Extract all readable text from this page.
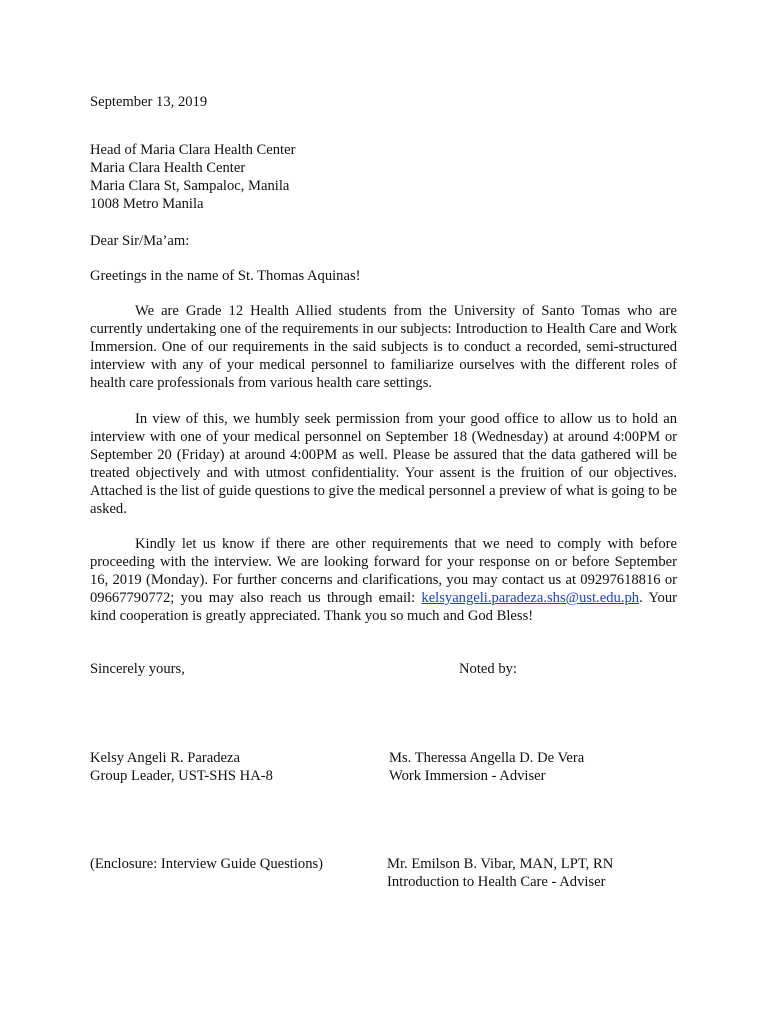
September 13, 2019
Head of Maria Clara Health Center
Maria Clara Health Center
Maria Clara St, Sampaloc, Manila
1008 Metro Manila
Dear Sir/Ma’am:
Greetings in the name of St. Thomas Aquinas!
We are Grade 12 Health Allied students from the University of Santo Tomas who are currently undertaking one of the requirements in our subjects: Introduction to Health Care and Work Immersion. One of our requirements in the said subjects is to conduct a recorded, semi-structured interview with any of your medical personnel to familiarize ourselves with the different roles of health care professionals from various health care settings.
In view of this, we humbly seek permission from your good office to allow us to hold an interview with one of your medical personnel on September 18 (Wednesday) at around 4:00PM or September 20 (Friday) at around 4:00PM as well. Please be assured that the data gathered will be treated objectively and with utmost confidentiality. Your assent is the fruition of our objectives. Attached is the list of guide questions to give the medical personnel a preview of what is going to be asked.
Kindly let us know if there are other requirements that we need to comply with before proceeding with the interview. We are looking forward for your response on or before September 16, 2019 (Monday). For further concerns and clarifications, you may contact us at 09297618816 or 09667790772; you may also reach us through email: kelsyangeli.paradeza.shs@ust.edu.ph. Your kind cooperation is greatly appreciated. Thank you so much and God Bless!
Sincerely yours,	Noted by:
Kelsy Angeli R. Paradeza
Group Leader, UST-SHS HA-8
Ms. Theressa Angella D. De Vera
Work Immersion - Adviser
(Enclosure: Interview Guide Questions)	Mr. Emilson B. Vibar, MAN, LPT, RN
Introduction to Health Care - Adviser
